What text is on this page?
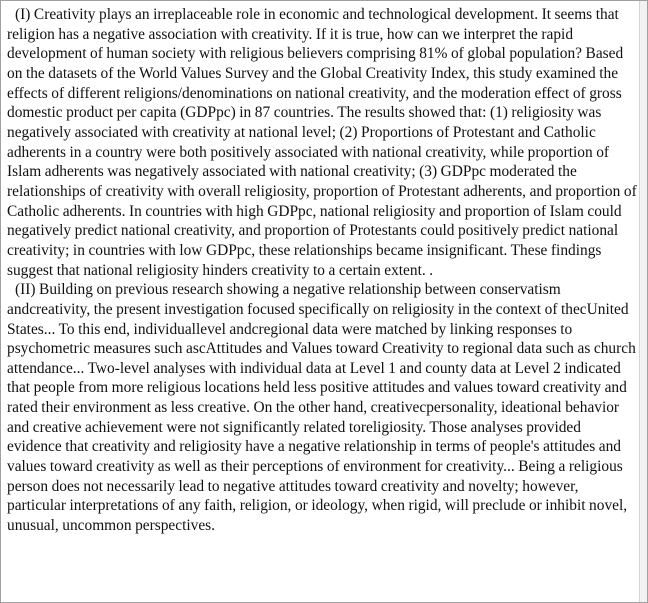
(I) Creativity plays an irreplaceable role in economic and technological development. It seems that religion has a negative association with creativity. If it is true, how can we interpret the rapid development of human society with religious believers comprising 81% of global population? Based on the datasets of the World Values Survey and the Global Creativity Index, this study examined the effects of different religions/denominations on national creativity, and the moderation effect of gross domestic product per capita (GDPpc) in 87 countries. The results showed that: (1) religiosity was negatively associated with creativity at national level; (2) Proportions of Protestant and Catholic adherents in a country were both positively associated with national creativity, while proportion of Islam adherents was negatively associated with national creativity; (3) GDPpc moderated the relationships of creativity with overall religiosity, proportion of Protestant adherents, and proportion of Catholic adherents. In countries with high GDPpc, national religiosity and proportion of Islam could negatively predict national creativity, and proportion of Protestants could positively predict national creativity; in countries with low GDPpc, these relationships became insignificant. These findings suggest that national religiosity hinders creativity to a certain extent. .

(II) Building on previous research showing a negative relationship between conservatism andcreativity, the present investigation focused specifically on religiosity in the context of thecUnited States... To this end, individuallevel andcregional data were matched by linking responses to psychometric measures such ascAttitudes and Values toward Creativity to regional data such as church attendance... Two-level analyses with individual data at Level 1 and county data at Level 2 indicated that people from more religious locations held less positive attitudes and values toward creativity and rated their environment as less creative. On the other hand, creativecpersonality, ideational behavior and creative achievement were not significantly related toreligiosity. Those analyses provided evidence that creativity and religiosity have a negative relationship in terms of people's attitudes and values toward creativity as well as their perceptions of environment for creativity... Being a religious person does not necessarily lead to negative attitudes toward creativity and novelty; however, particular interpretations of any faith, religion, or ideology, when rigid, will preclude or inhibit novel, unusual, uncommon perspectives.
